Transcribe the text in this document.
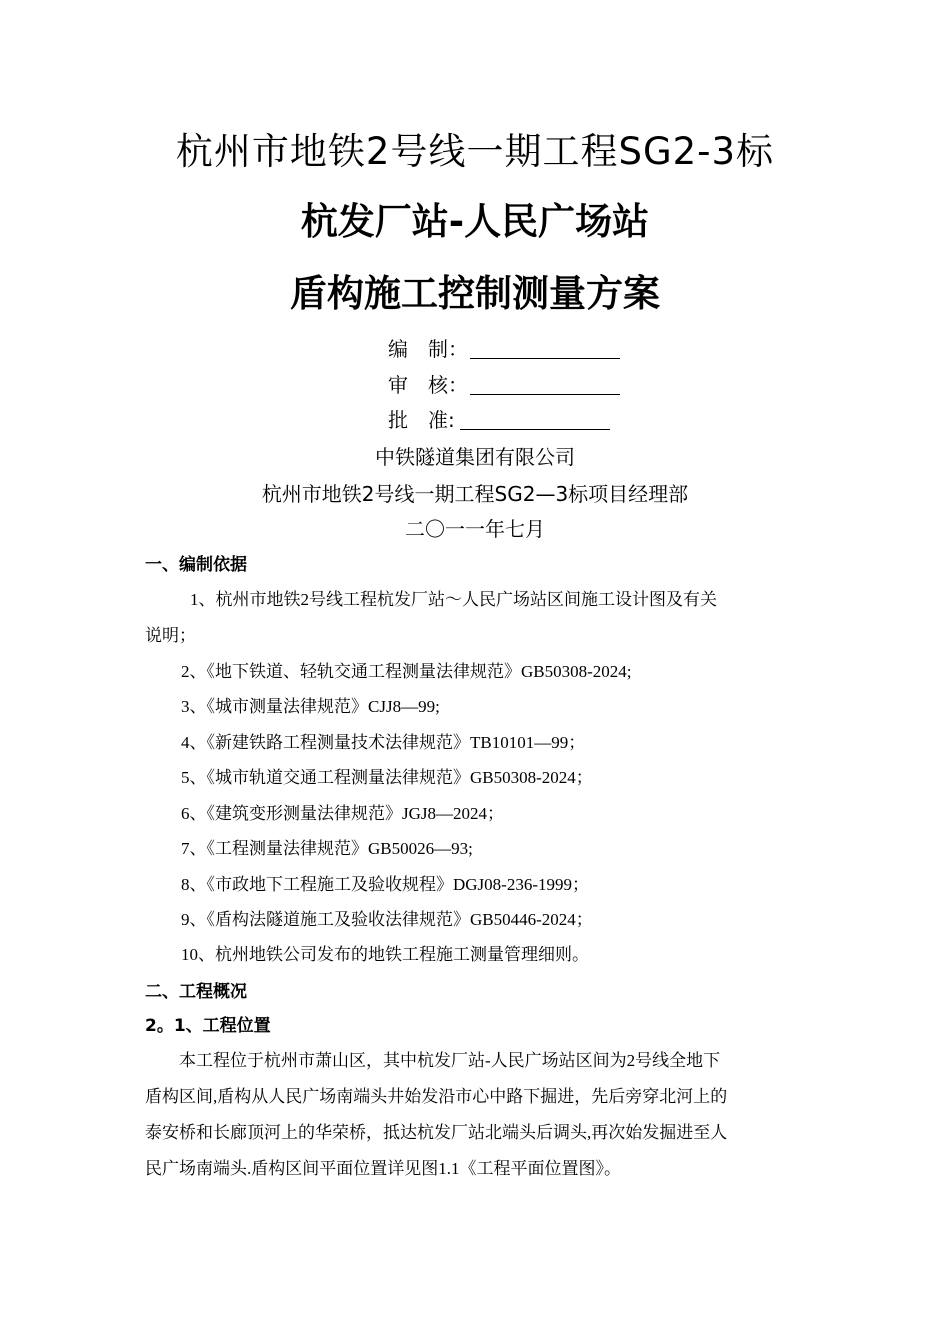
杭州市地铁2号线一期工程SG2-3标
杭发厂站-人民广场站
盾构施工控制测量方案
编　制：
审　核：
批　准:
中铁隧道集团有限公司
杭州市地铁2号线一期工程SG2—3标项目经理部
二〇一一年七月
一、编制依据
1、杭州市地铁2号线工程杭发厂站～人民广场站区间施工设计图及有关
说明；
2、《地下铁道、轻轨交通工程测量法律规范》GB50308-2024;
3、《城市测量法律规范》CJJ8—99;
4、《新建铁路工程测量技术法律规范》TB10101—99；
5、《城市轨道交通工程测量法律规范》GB50308-2024；
6、《建筑变形测量法律规范》JGJ8—2024；
7、《工程测量法律规范》GB50026—93;
8、《市政地下工程施工及验收规程》DGJ08-236-1999；
9、《盾构法隧道施工及验收法律规范》GB50446-2024；
10、杭州地铁公司发布的地铁工程施工测量管理细则。
二、工程概况
2。1、工程位置
　　本工程位于杭州市萧山区，其中杭发厂站-人民广场站区间为2号线全地下
盾构区间,盾构从人民广场南端头井始发沿市心中路下掘进，先后旁穿北河上的
泰安桥和长廊顶河上的华荣桥，抵达杭发厂站北端头后调头,再次始发掘进至人
民广场南端头.盾构区间平面位置详见图1.1《工程平面位置图》。
